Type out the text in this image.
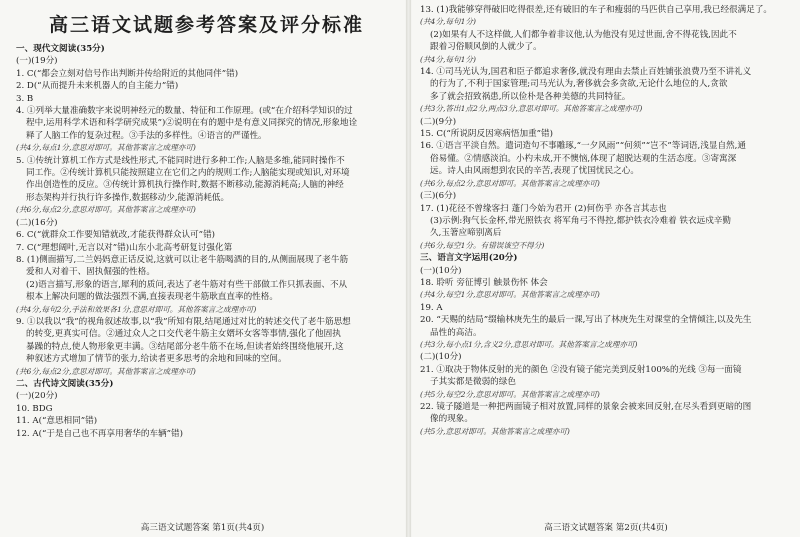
高三语文试题参考答案及评分标准
一、现代文阅读(35分)
(一)(19分)
1. C(“都会立刻对信号作出判断并传给附近的其他同伴”错)
2. D(“从而提升未来机器人的自主能力”错)
3. B
4. ①列举大量准确数字来说明神经元的数量、特征和工作原理。(或“在介绍科学知识的过
程中,运用科学术语和科学研究成果”)②说明在有的题中是有意义同探究的情况,形象地诠
释了人脑工作的复杂过程。③手法的多样性。④语言的严谨性。
(共4分,每点1分,意思对即可。其他答案言之成理亦可)
5. ①传统计算机工作方式是线性形式,不能同时进行多种工作;人脑是多维,能同时操作不
同工作。②传统计算机只能按照建立在它们之内的规则工作;人脑能实现或知识,对环境
作出创造性的反应。③传统计算机执行操作时,数据不断移动,能源消耗高;人脑的神经
形态架构并行执行许多操作,数据移动少,能源消耗低。
(共6分,每点2分,意思对即可。其他答案言之成理亦可)
(二)(16分)
6. C(“就群众工作要知错就改,才能获得群众认可”错)
7. C(“理想阔叶,无言以对”错)山东小北高考研复讨强化第
8. (1)侧面描写,二兰妈妈意正话反说,这就可以让老牛筋喝酒的目的,从侧面展现了老牛筋
爱和人对着干、固执倔强的性格。
(2)语言描写,形象的语言,犀利的质问,表达了老牛筋对有些干部做工作只抓表面、不从
根本上解决问题的做法强烈不满,直接表现老牛筋耿直直率的性格。
(共4分,每句2分,手法和效果各1分,意思对即可。其他答案言之成理亦可)
9. ①以我以“我”的视角叙述故事,以“我”所知有限,结尾通过对比的转述交代了老牛筋思想
的转变,更真实可信。②通过众人之口交代老牛筋主女婿坏女客等事情,强化了他固执
暴躁的特点,使人物形象更丰满。③结尾部分老牛筋不在场,但读者始终围绕他展开,这
种叙述方式增加了情节的张力,给读者更多思考的余地和回味的空间。
(共6分,每点2分,意思对即可。其他答案言之成理亦可)
二、古代诗文阅读(35分)
(一)(20分)
10. BDG
11. A(“意思相同”错)
12. A(“于是自己也不再享用奢华的车辆”错)
高三语文试题答案 第1页(共4页)
13. (1)我能够穿得破旧吃得很差,还有破旧的车子和瘦弱的马匹供自己享用,我已经很满足了。
(共4分,每句1分)
(2)如果有人不这样做,人们都争着非议他,认为他没有见过世面,舍不得花钱,因此不
跟着习俗顺风倒的人就少了。
(共4分,每句1分)
14. ①司马光认为,国君和臣子都追求奢侈,就没有理由去禁止百姓铺张浪费乃至不讲礼义
的行为了,不利于国家管理;司马光认为,奢侈就会多贪欲,无论什么地位的人,贪欲
多了就会招致祸患,所以俭朴是各种美德的共同特征。
(共3分,答出1点2分,两点3分,意思对即可。其他答案言之成理亦可)
(二)(9分)
15. C(“所说阴反因寒病悟加重”错)
16. ①语言平淡自然。遣词造句不事雕琢,“一夕风雨”“何须”“岂不”等词语,浅显自然,通
俗易懂。②情感淡泊。小杓未成,开不懊恼,体现了超脱达观的生活态度。③寄寓深
远。诗人由风雨想到农民的辛苦,表现了忧国忧民之心。
(共6分,每点2分,意思对即可。其他答案言之成理亦可)
(三)(6分)
17. (1)花径不曾缘客扫 蓬门今始为君开 (2)何伤乎 亦各言其志也
(3)示例:狗气长金杯,带光照铁衣 将军角弓不得控,都护铁衣冷难着 铁衣远戍辛勤
久,玉箸应啼别离后
(共6分,每空1分。有错误该空不得分)
三、语言文字运用(20分)
(一)(10分)
18. 聆听 旁征博引 触景伤怀 体会
(共4分,每空1分,意思对即可。其他答案言之成理亦可)
19. A
20. “天赐的结局”缀输林庚先生的最后一课,写出了林庚先生对课堂的全情倾注,以及先生
品性的高洁。
(共3分,每小点1分,含义2分,意思对即可。其他答案言之成理亦可)
(二)(10分)
21. ①取决于物体反射的光的颜色 ②没有镜子能完美到反射100%的光线 ③每一面镜
子其实都是微弱的绿色
(共5分,每空2分,意思对即可。其他答案言之成理亦可)
22. 镜子隧道是一种把两面镜子相对放置,同样的景象会被来回反射,在尽头看到更暗的图
像的现象。
(共5分,意思对即可。其他答案言之成理亦可)
高三语文试题答案 第2页(共4页)
